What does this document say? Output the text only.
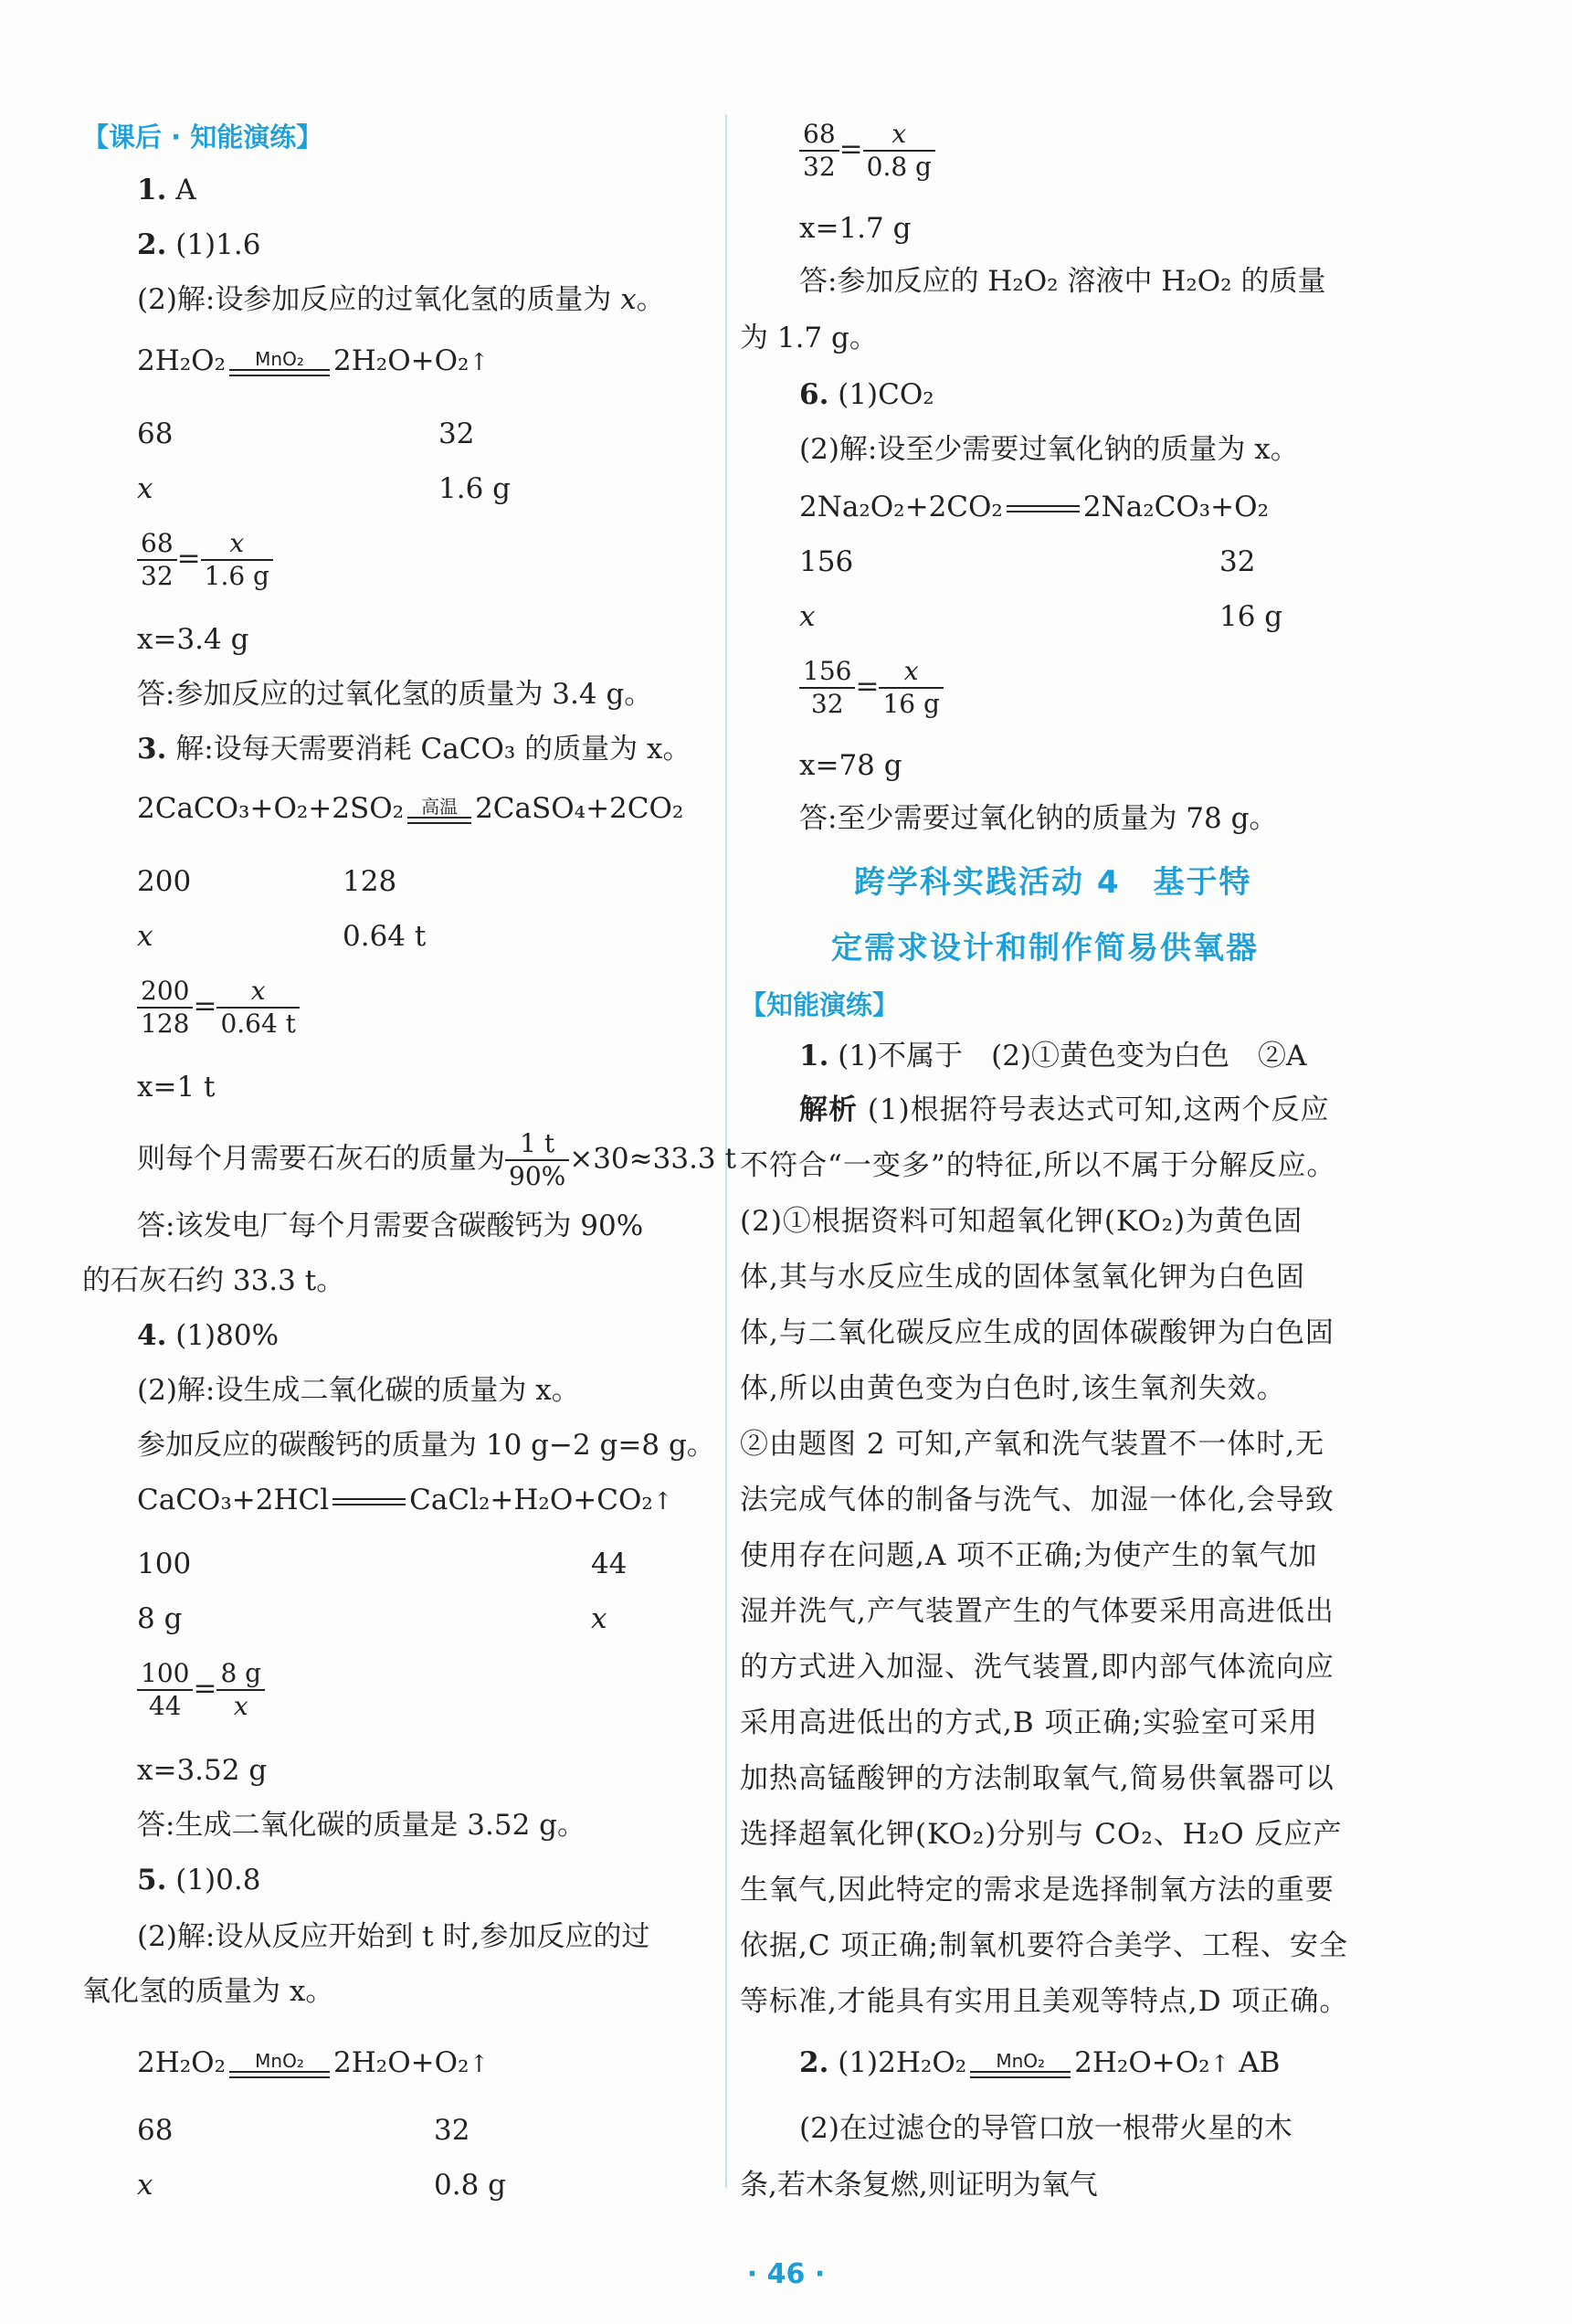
【课后 · 知能演练】
1. A
2. (1)1.6
(2)解:设参加反应的过氧化氢的质量为 x。
2H₂O₂ MnO₂ 2H₂O+O₂↑
68	32
x	1.6 g
$\frac{68}{32} = \frac{x}{1.6 g}$
x=3.4 g
答:参加反应的过氧化氢的质量为 3.4 g。
3. 解:设每天需要消耗 CaCO₃ 的质量为 x。
2CaCO₃+O₂+2SO₂ 高温 2CaSO₄+2CO₂
200	128
x	0.64 t
$\frac{200}{128} = \frac{x}{0.64 t}$
x=1 t
则每个月需要石灰石的质量为 $\frac{1 t}{90\%} \times 30\approx 33.3$ t
答:该发电厂每个月需要含碳酸钙为 90%
的石灰石约 33.3 t。
4. (1)80%
(2)解:设生成二氧化碳的质量为 x。
参加反应的碳酸钙的质量为 10 g−2 g=8 g。
CaCO₃+2HCl	CaCl₂+H₂O+CO₂↑
100	44
8 g	x
$\frac{100}{44} = \frac{8 g}{x}$
x=3.52 g
答:生成二氧化碳的质量是 3.52 g。
5. (1)0.8
(2)解:设从反应开始到 t 时,参加反应的过
氧化氢的质量为 x。
2H₂O₂ MnO₂ 2H₂O+O₂↑
68	32
x	0.8 g
$\frac{68}{32} = \frac{x}{0.8 g}$
x=1.7 g
答:参加反应的 H₂O₂ 溶液中 H₂O₂ 的质量
为 1.7 g。
6. (1)CO₂
(2)解:设至少需要过氧化钠的质量为 x。
2Na₂O₂+2CO₂	2Na₂CO₃+O₂
156	32
x	16 g
$\frac{156}{32} = \frac{x}{16 g}$
x=78 g
答:至少需要过氧化钠的质量为 78 g。
跨学科实践活动 4　基于特
定需求设计和制作简易供氧器
【知能演练】
1. (1)不属于　(2)①黄色变为白色　②A
解析 (1)根据符号表达式可知,这两个反应
不符合“一变多”的特征,所以不属于分解反应。
(2)①根据资料可知超氧化钾(KO₂)为黄色固
体,其与水反应生成的固体氢氧化钾为白色固
体,与二氧化碳反应生成的固体碳酸钾为白色固
体,所以由黄色变为白色时,该生氧剂失效。
②由题图 2 可知,产氧和洗气装置不一体时,无
法完成气体的制备与洗气、加湿一体化,会导致
使用存在问题,A 项不正确;为使产生的氧气加
湿并洗气,产气装置产生的气体要采用高进低出
的方式进入加湿、洗气装置,即内部气体流向应
采用高进低出的方式,B 项正确;实验室可采用
加热高锰酸钾的方法制取氧气,简易供氧器可以
选择超氧化钾(KO₂)分别与 CO₂、H₂O 反应产
生氧气,因此特定的需求是选择制氧方法的重要
依据,C 项正确;制氧机要符合美学、工程、安全
等标准,才能具有实用且美观等特点,D 项正确。
2. (1)2H₂O₂ MnO₂ 2H₂O+O₂↑ AB
(2)在过滤仓的导管口放一根带火星的木
条,若木条复燃,则证明为氧气
· 46 ·
